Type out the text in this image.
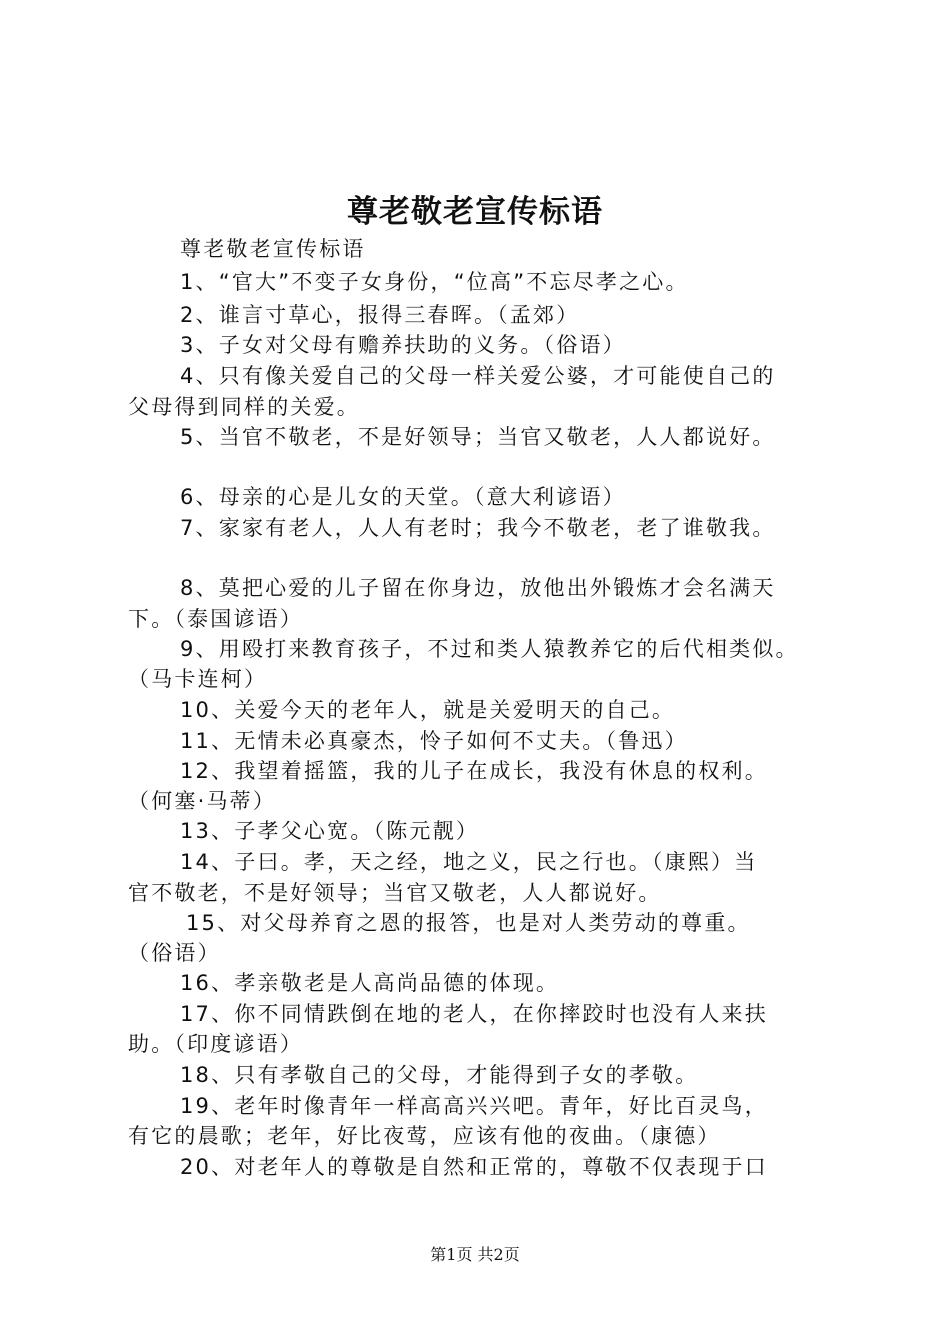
尊老敬老宣传标语
尊老敬老宣传标语
1、“官大”不变子女身份，“位高”不忘尽孝之心。
2、谁言寸草心，报得三春晖。（孟郊）
3、子女对父母有赡养扶助的义务。（俗语）
4、只有像关爱自己的父母一样关爱公婆，才可能使自己的
父母得到同样的关爱。
5、当官不敬老，不是好领导；当官又敬老，人人都说好。
6、母亲的心是儿女的天堂。（意大利谚语）
7、家家有老人，人人有老时；我今不敬老，老了谁敬我。
8、莫把心爱的儿子留在你身边，放他出外锻炼才会名满天
下。（泰国谚语）
9、用殴打来教育孩子，不过和类人猿教养它的后代相类似。
（马卡连柯）
10、关爱今天的老年人，就是关爱明天的自己。
11、无情未必真豪杰，怜子如何不丈夫。（鲁迅）
12、我望着摇篮，我的儿子在成长，我没有休息的权利。
（何塞·马蒂）
13、子孝父心宽。（陈元靓）
14、子曰。孝，天之经，地之义，民之行也。（康熙）当
官不敬老，不是好领导；当官又敬老，人人都说好。
15、对父母养育之恩的报答，也是对人类劳动的尊重。
（俗语）
16、孝亲敬老是人高尚品德的体现。
17、你不同情跌倒在地的老人，在你摔跤时也没有人来扶
助。（印度谚语）
18、只有孝敬自己的父母，才能得到子女的孝敬。
19、老年时像青年一样高高兴兴吧。青年，好比百灵鸟，
有它的晨歌；老年，好比夜莺，应该有他的夜曲。（康德）
20、对老年人的尊敬是自然和正常的，尊敬不仅表现于口
第1页 共2页
